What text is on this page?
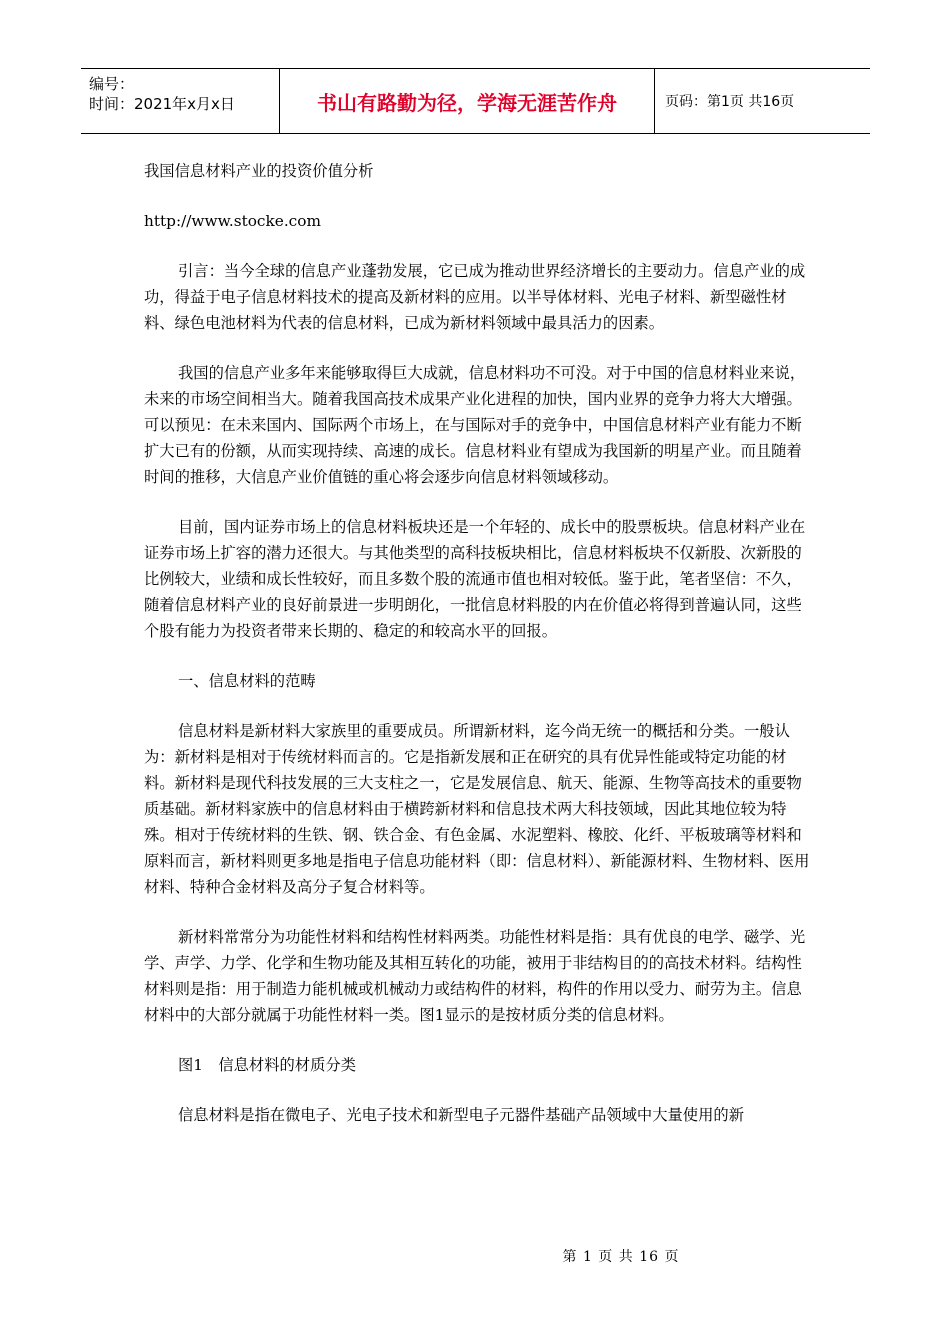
编号：
时间：2021年x月x日	书山有路勤为径，学海无涯苦作舟	页码：第1页 共16页

我国信息材料产业的投资价值分析

http://www.stocke.com

引言：当今全球的信息产业蓬勃发展，它已成为推动世界经济增长的主要动力。信息产业的成功，得益于电子信息材料技术的提高及新材料的应用。以半导体材料、光电子材料、新型磁性材料、绿色电池材料为代表的信息材料，已成为新材料领域中最具活力的因素。

我国的信息产业多年来能够取得巨大成就，信息材料功不可没。对于中国的信息材料业来说，未来的市场空间相当大。随着我国高技术成果产业化进程的加快，国内业界的竞争力将大大增强。可以预见：在未来国内、国际两个市场上，在与国际对手的竞争中，中国信息材料产业有能力不断扩大已有的份额，从而实现持续、高速的成长。信息材料业有望成为我国新的明星产业。而且随着时间的推移，大信息产业价值链的重心将会逐步向信息材料领域移动。

目前，国内证券市场上的信息材料板块还是一个年轻的、成长中的股票板块。信息材料产业在证券市场上扩容的潜力还很大。与其他类型的高科技板块相比，信息材料板块不仅新股、次新股的比例较大，业绩和成长性较好，而且多数个股的流通市值也相对较低。鉴于此，笔者坚信：不久，随着信息材料产业的良好前景进一步明朗化，一批信息材料股的内在价值必将得到普遍认同，这些个股有能力为投资者带来长期的、稳定的和较高水平的回报。

一、信息材料的范畴

信息材料是新材料大家族里的重要成员。所谓新材料，迄今尚无统一的概括和分类。一般认为：新材料是相对于传统材料而言的。它是指新发展和正在研究的具有优异性能或特定功能的材料。新材料是现代科技发展的三大支柱之一，它是发展信息、航天、能源、生物等高技术的重要物质基础。新材料家族中的信息材料由于横跨新材料和信息技术两大科技领域，因此其地位较为特殊。相对于传统材料的生铁、钢、铁合金、有色金属、水泥塑料、橡胶、化纤、平板玻璃等材料和原料而言，新材料则更多地是指电子信息功能材料（即：信息材料）、新能源材料、生物材料、医用材料、特种合金材料及高分子复合材料等。

新材料常常分为功能性材料和结构性材料两类。功能性材料是指：具有优良的电学、磁学、光学、声学、力学、化学和生物功能及其相互转化的功能，被用于非结构目的的高技术材料。结构性材料则是指：用于制造力能机械或机械动力或结构件的材料，构件的作用以受力、耐劳为主。信息材料中的大部分就属于功能性材料一类。图1显示的是按材质分类的信息材料。

图1　信息材料的材质分类

信息材料是指在微电子、光电子技术和新型电子元器件基础产品领域中大量使用的新

第 1 页 共 16 页
